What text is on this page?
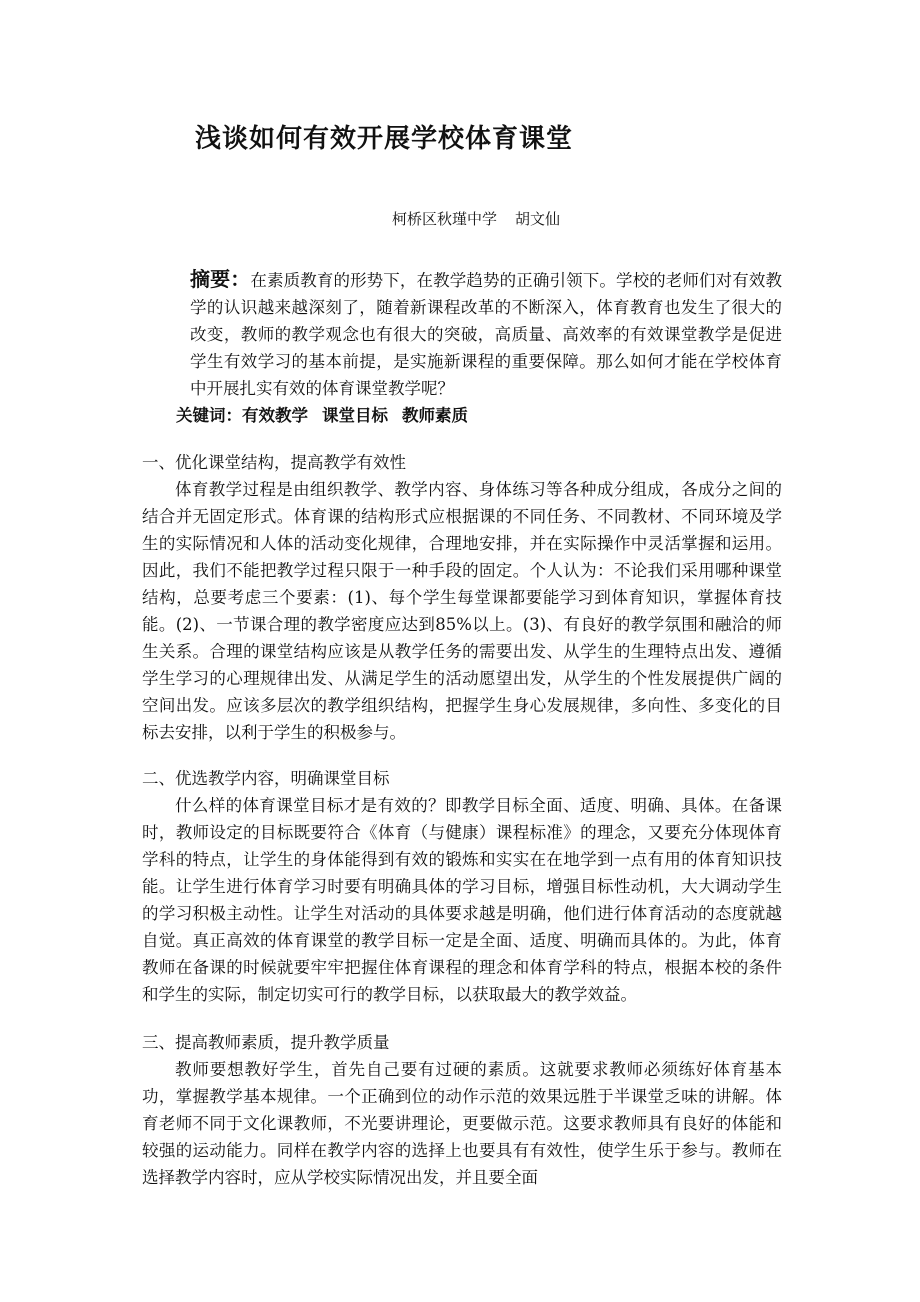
浅谈如何有效开展学校体育课堂
柯桥区秋瑾中学 胡文仙

摘要：在素质教育的形势下，在教学趋势的正确引领下。学校的老师们对有效教学的认识越来越深刻了，随着新课程改革的不断深入，体育教育也发生了很大的改变，教师的教学观念也有很大的突破，高质量、高效率的有效课堂教学是促进学生有效学习的基本前提，是实施新课程的重要保障。那么如何才能在学校体育中开展扎实有效的体育课堂教学呢？

关键词：有效教学 课堂目标 教师素质

一、优化课堂结构，提高教学有效性

体育教学过程是由组织教学、教学内容、身体练习等各种成分组成，各成分之间的结合并无固定形式。体育课的结构形式应根据课的不同任务、不同教材、不同环境及学生的实际情况和人体的活动变化规律，合理地安排，并在实际操作中灵活掌握和运用。因此，我们不能把教学过程只限于一种手段的固定。个人认为：不论我们采用哪种课堂结构，总要考虑三个要素：(1)、每个学生每堂课都要能学习到体育知识，掌握体育技能。(2)、一节课合理的教学密度应达到85%以上。(3)、有良好的教学氛围和融洽的师生关系。合理的课堂结构应该是从教学任务的需要出发、从学生的生理特点出发、遵循学生学习的心理规律出发、从满足学生的活动愿望出发，从学生的个性发展提供广阔的空间出发。应该多层次的教学组织结构，把握学生身心发展规律，多向性、多变化的目标去安排，以利于学生的积极参与。

二、优选教学内容，明确课堂目标

什么样的体育课堂目标才是有效的？即教学目标全面、适度、明确、具体。在备课时，教师设定的目标既要符合《体育（与健康）课程标准》的理念，又要充分体现体育学科的特点，让学生的身体能得到有效的锻炼和实实在在地学到一点有用的体育知识技能。让学生进行体育学习时要有明确具体的学习目标，增强目标性动机，大大调动学生的学习积极主动性。让学生对活动的具体要求越是明确，他们进行体育活动的态度就越自觉。真正高效的体育课堂的教学目标一定是全面、适度、明确而具体的。为此，体育教师在备课的时候就要牢牢把握住体育课程的理念和体育学科的特点，根据本校的条件和学生的实际，制定切实可行的教学目标，以获取最大的教学效益。

三、提高教师素质，提升教学质量

教师要想教好学生，首先自己要有过硬的素质。这就要求教师必须练好体育基本功，掌握教学基本规律。一个正确到位的动作示范的效果远胜于半课堂乏味的讲解。体育老师不同于文化课教师，不光要讲理论，更要做示范。这要求教师具有良好的体能和较强的运动能力。同样在教学内容的选择上也要具有有效性，使学生乐于参与。教师在选择教学内容时，应从学校实际情况出发，并且要全面
